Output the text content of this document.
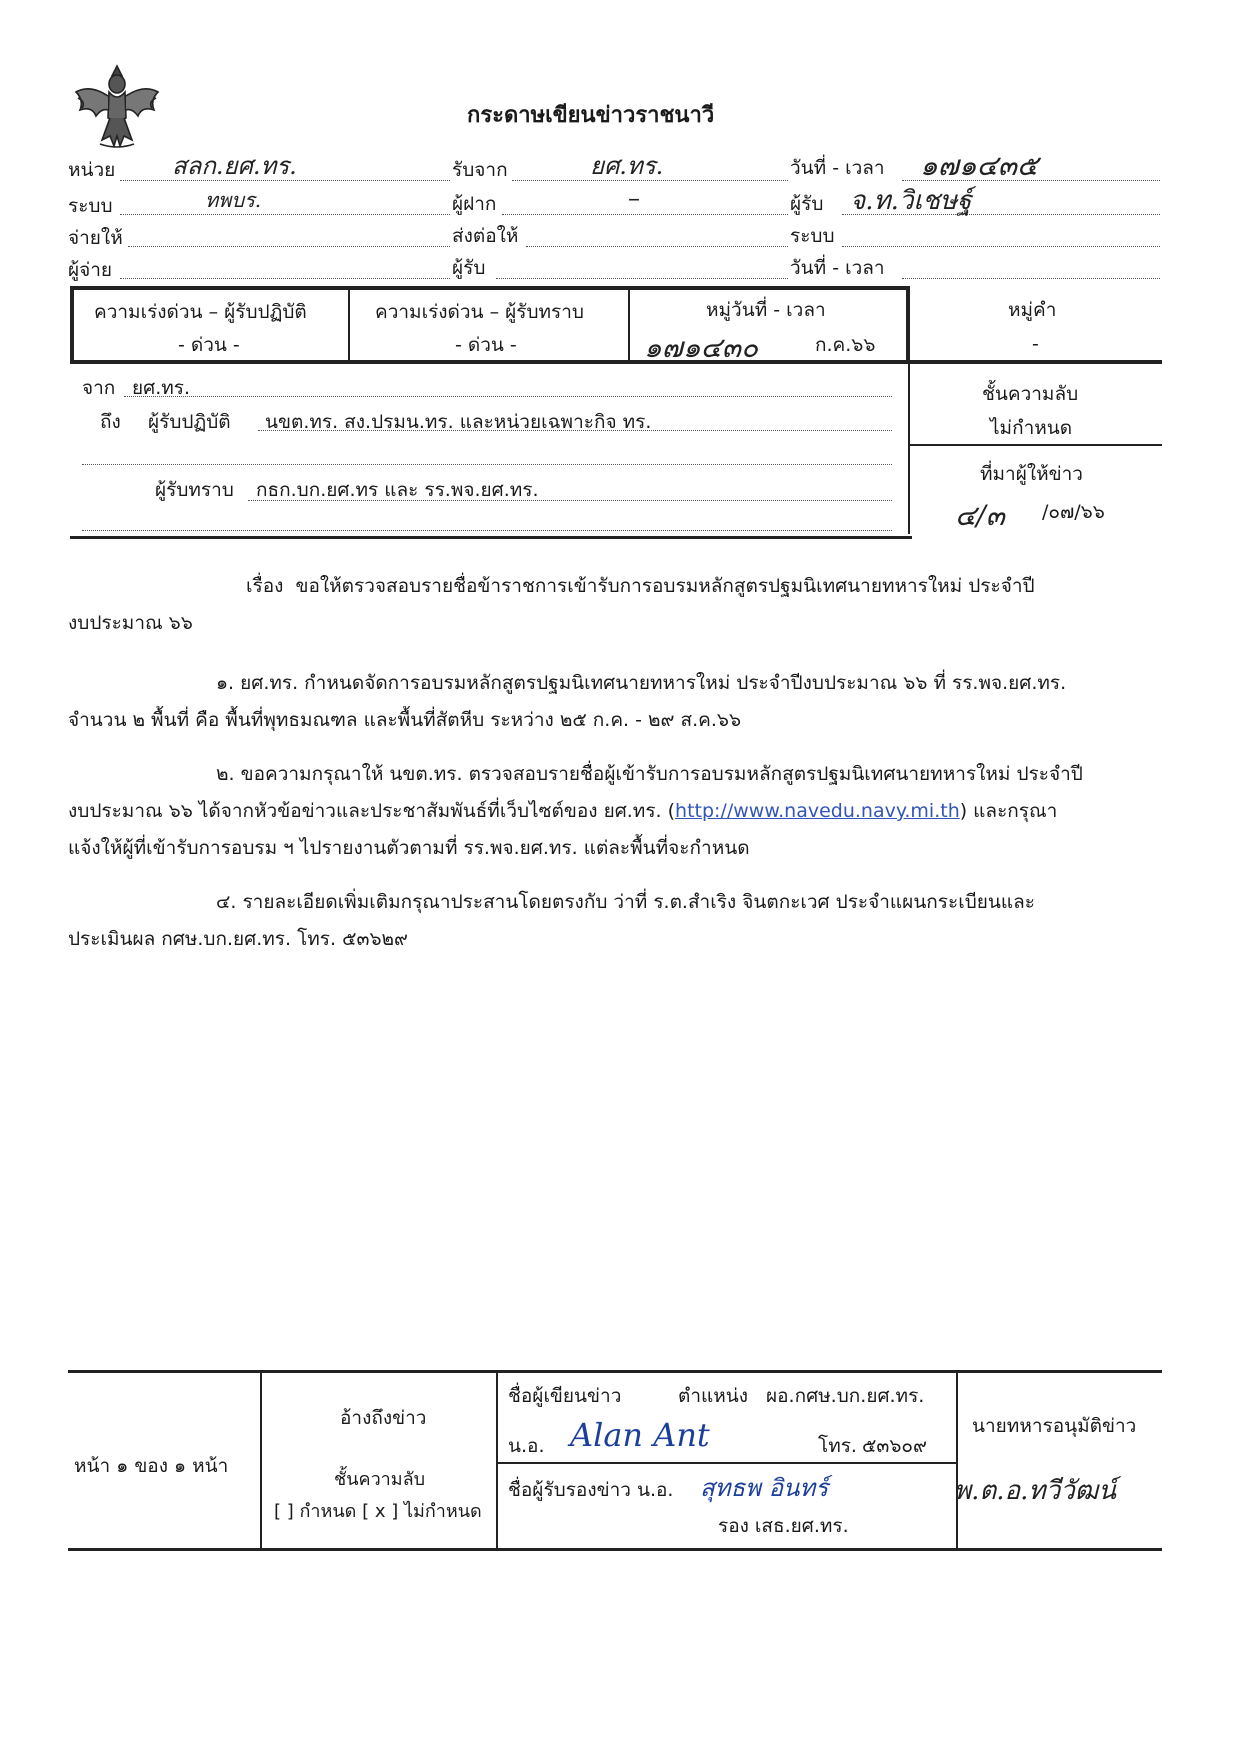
กระดาษเขียนข่าวราชนาวี
หน่วย สลก.ยศ.ทร.	รับจาก	ยศ.ทร.	วันที่ - เวลา ๑๗๑๔๓๕
ระบบ	ทพบร.	ผู้ฝาก	–	ผู้รับ จ.ท.วิเชษฐ์
จ่ายให้	ส่งต่อให้	ระบบ
ผู้จ่าย	ผู้รับ	วันที่ - เวลา
ความเร่งด่วน – ผู้รับปฏิบัติ
- ด่วน -
ความเร่งด่วน – ผู้รับทราบ
- ด่วน -
หมู่วันที่ - เวลา
๑๗๑๔๓๐	ก.ค.๖๖
หมู่คำ
-
จาก ยศ.ทร.
ถึง ผู้รับปฏิบัติ นขต.ทร. สง.ปรมน.ทร. และหน่วยเฉพาะกิจ ทร.
ผู้รับทราบ กธก.บก.ยศ.ทร และ รร.พจ.ยศ.ทร.
ชั้นความลับ
ไม่กำหนด
ที่มาผู้ให้ข่าว
๔/๓ /๐๗/๖๖
เรื่อง ขอให้ตรวจสอบรายชื่อข้าราชการเข้ารับการอบรมหลักสูตรปฐมนิเทศนายทหารใหม่ ประจำปี
งบประมาณ ๖๖
๑. ยศ.ทร. กำหนดจัดการอบรมหลักสูตรปฐมนิเทศนายทหารใหม่ ประจำปีงบประมาณ ๖๖ ที่ รร.พจ.ยศ.ทร.
จำนวน ๒ พื้นที่ คือ พื้นที่พุทธมณฑล และพื้นที่สัตหีบ ระหว่าง ๒๕ ก.ค. - ๒๙ ส.ค.๖๖
๒. ขอความกรุณาให้ นขต.ทร. ตรวจสอบรายชื่อผู้เข้ารับการอบรมหลักสูตรปฐมนิเทศนายทหารใหม่ ประจำปี
งบประมาณ ๖๖ ได้จากหัวข้อข่าวและประชาสัมพันธ์ที่เว็บไซต์ของ ยศ.ทร. (http://www.navedu.navy.mi.th) และกรุณา
แจ้งให้ผู้ที่เข้ารับการอบรม ฯ ไปรายงานตัวตามที่ รร.พจ.ยศ.ทร. แต่ละพื้นที่จะกำหนด
๔. รายละเอียดเพิ่มเติมกรุณาประสานโดยตรงกับ ว่าที่ ร.ต.สำเริง จินตกะเวศ ประจำแผนกระเบียนและ
ประเมินผล กศษ.บก.ยศ.ทร. โทร. ๕๓๖๒๙
หน้า ๑ ของ ๑ หน้า
อ้างถึงข่าว
ชั้นความลับ
[ ] กำหนด [ x ] ไม่กำหนด
ชื่อผู้เขียนข่าว	ตำแหน่ง ผอ.กศษ.บก.ยศ.ทร.
น.อ. Alan Ant	โทร. ๕๓๖๐๙
ชื่อผู้รับรองข่าว น.อ. สุทธพ อินทร์
รอง เสธ.ยศ.ทร.
นายทหารอนุมัติข่าว
พ.ต.อ.ทวีวัฒน์
